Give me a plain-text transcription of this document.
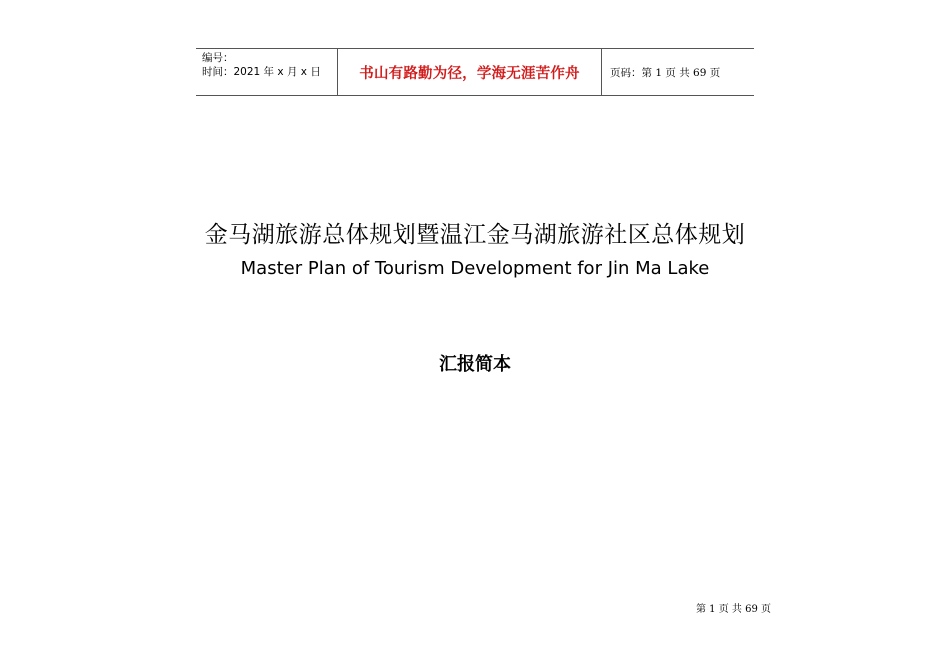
编号：
时间：2021 年 x 月 x 日	书山有路勤为径，学海无涯苦作舟	页码：第 1 页 共 69 页
金马湖旅游总体规划暨温江金马湖旅游社区总体规划
Master Plan of Tourism Development for Jin Ma Lake
汇报简本
第 1 页 共 69 页
